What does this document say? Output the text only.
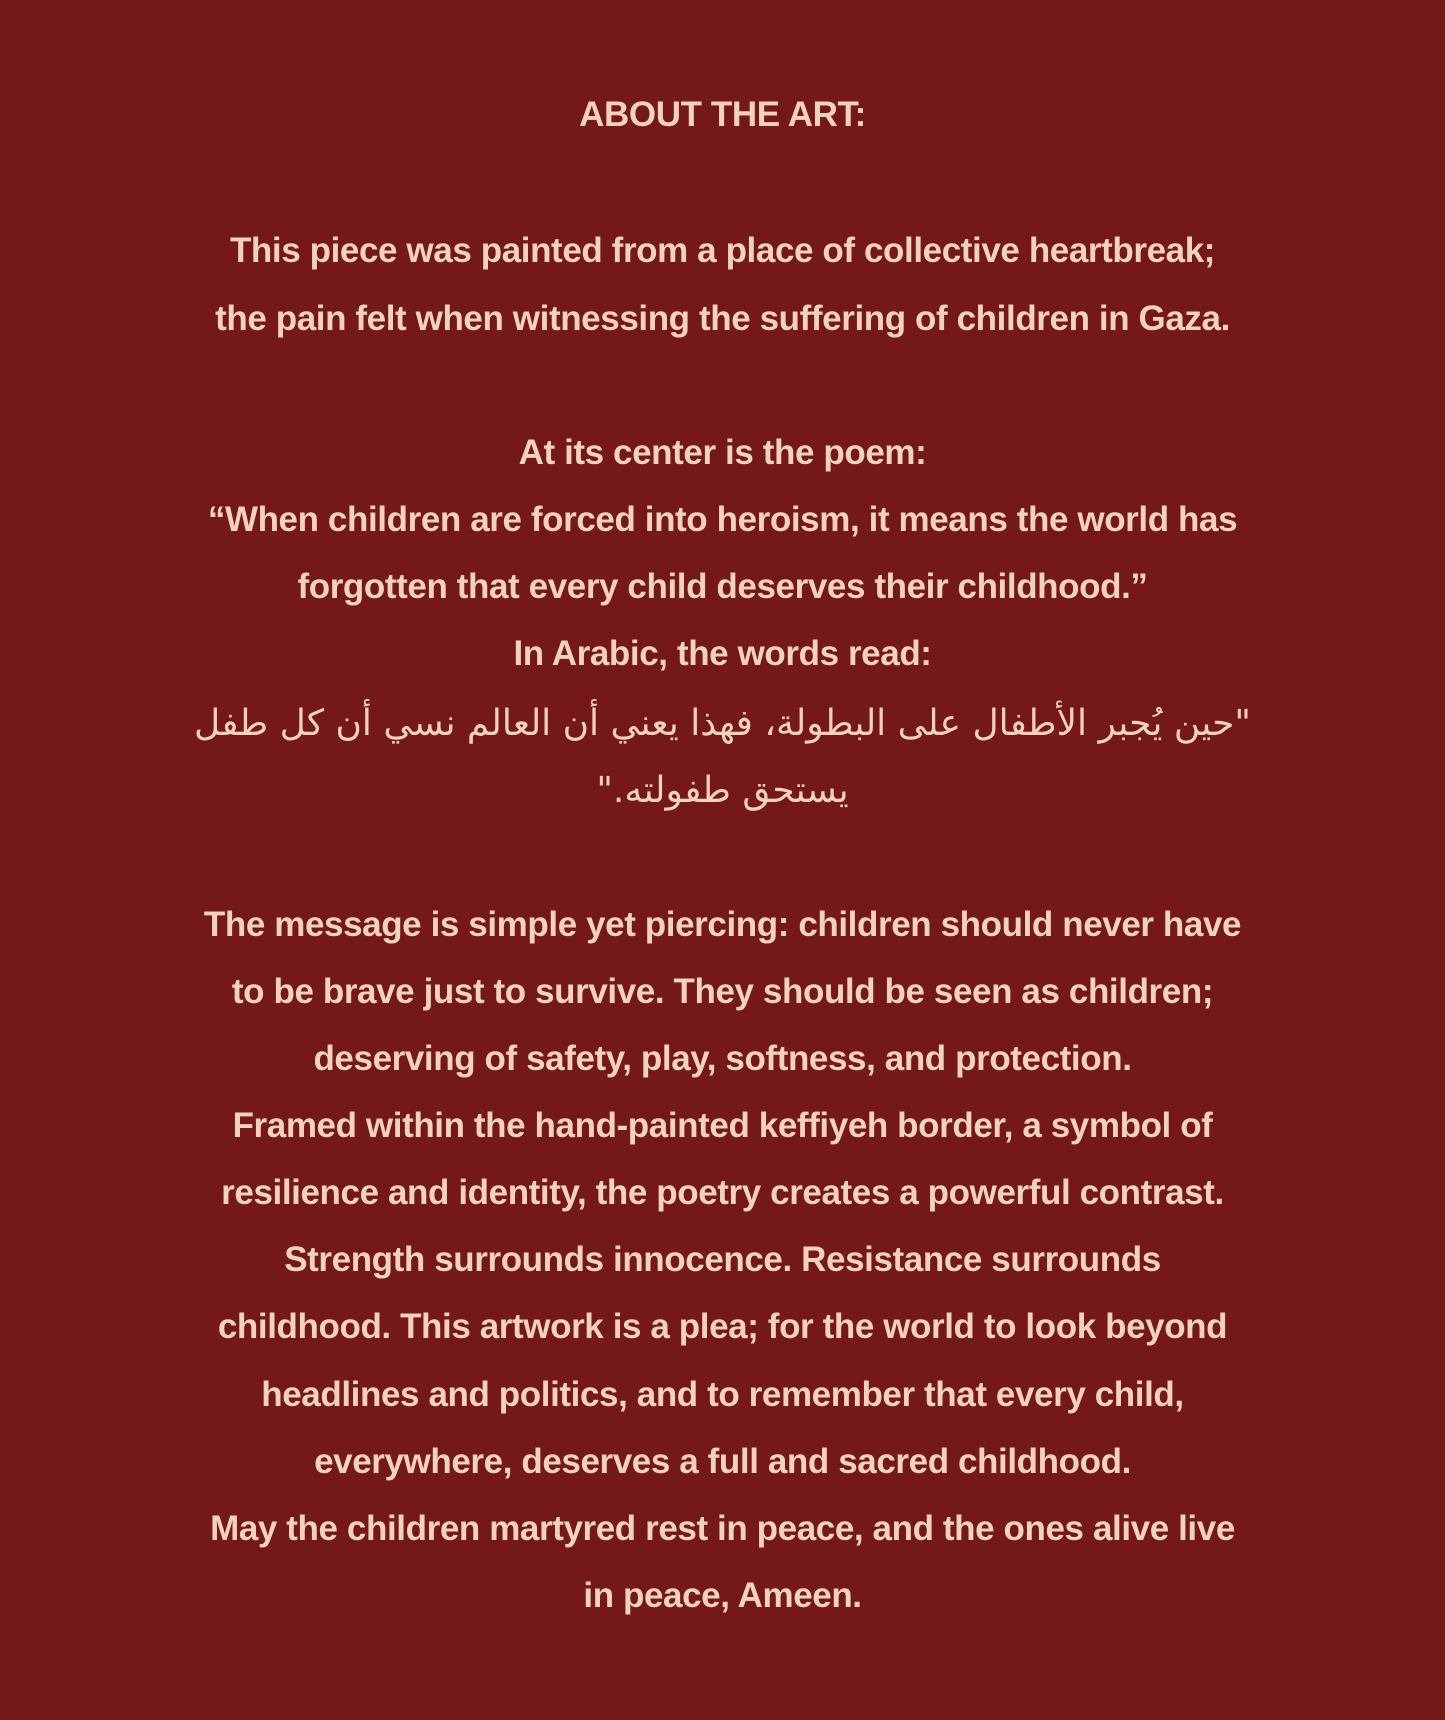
ABOUT THE ART:
This piece was painted from a place of collective heartbreak;
the pain felt when witnessing the suffering of children in Gaza.
At its center is the poem:
“When children are forced into heroism, it means the world has
forgotten that every child deserves their childhood.”
In Arabic, the words read:
"حين يُجبر الأطفال على البطولة، فهذا يعني أن العالم نسي أن كل طفل
يستحق طفولته."
The message is simple yet piercing: children should never have
to be brave just to survive. They should be seen as children;
deserving of safety, play, softness, and protection.
Framed within the hand-painted keffiyeh border, a symbol of
resilience and identity, the poetry creates a powerful contrast.
Strength surrounds innocence. Resistance surrounds
childhood. This artwork is a plea; for the world to look beyond
headlines and politics, and to remember that every child,
everywhere, deserves a full and sacred childhood.
May the children martyred rest in peace, and the ones alive live
in peace, Ameen.
